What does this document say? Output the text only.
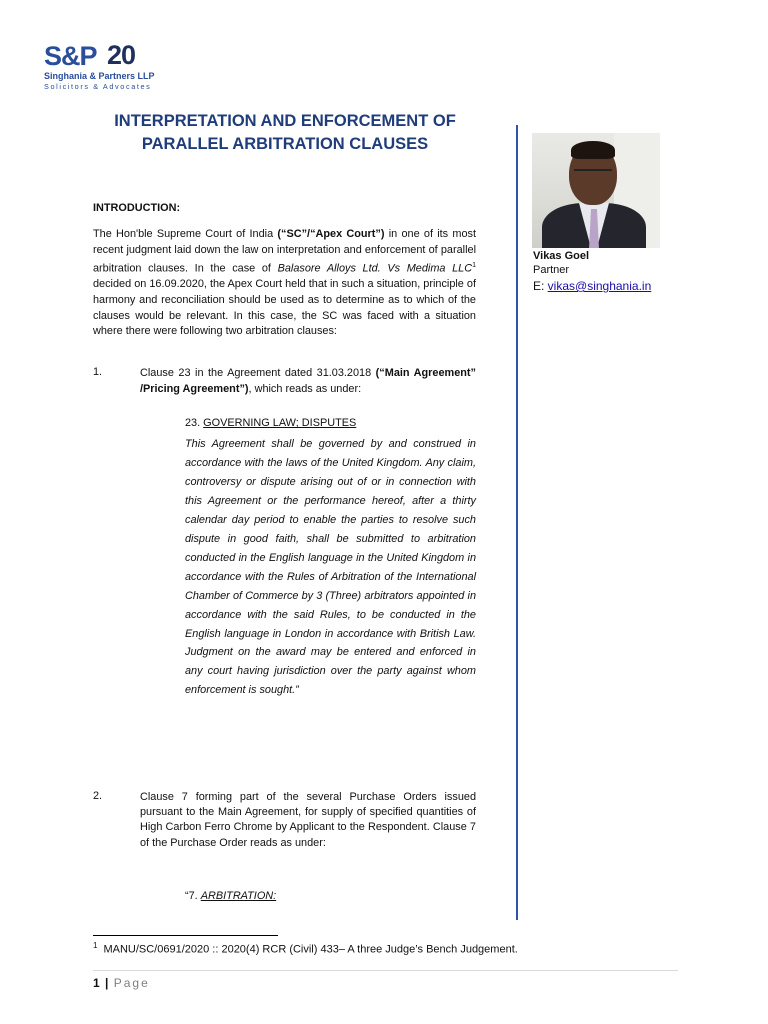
S&P 20
Singhania & Partners LLP
Solicitors & Advocates
INTERPRETATION AND ENFORCEMENT OF
PARALLEL ARBITRATION CLAUSES
Vikas Goel
Partner
E: vikas@singhania.in
INTRODUCTION:
The Hon'ble Supreme Court of India (“SC”/“Apex Court”) in one of its most recent judgment laid down the law on interpretation and enforcement of parallel arbitration clauses. In the case of Balasore Alloys Ltd. Vs Medima LLC$^1$ decided on 16.09.2020, the Apex Court held that in such a situation, principle of harmony and reconciliation should be used as to determine as to which of the clauses would be relevant. In this case, the SC was faced with a situation where there were following two arbitration clauses:
1.	Clause 23 in the Agreement dated 31.03.2018 (“Main Agreement” /Pricing Agreement”), which reads as under:
23. GOVERNING LAW; DISPUTES
This Agreement shall be governed by and construed in accordance with the laws of the United Kingdom. Any claim, controversy or dispute arising out of or in connection with this Agreement or the performance hereof, after a thirty calendar day period to enable the parties to resolve such dispute in good faith, shall be submitted to arbitration conducted in the English language in the United Kingdom in accordance with the Rules of Arbitration of the International Chamber of Commerce by 3 (Three) arbitrators appointed in accordance with the said Rules, to be conducted in the English language in London in accordance with British Law. Judgment on the award may be entered and enforced in any court having jurisdiction over the party against whom enforcement is sought.”
2.	Clause 7 forming part of the several Purchase Orders issued pursuant to the Main Agreement, for supply of specified quantities of High Carbon Ferro Chrome by Applicant to the Respondent. Clause 7 of the Purchase Order reads as under:
“7. ARBITRATION:
$^1$ MANU/SC/0691/2020 :: 2020(4) RCR (Civil) 433– A three Judge’s Bench Judgement.
1 | Page
